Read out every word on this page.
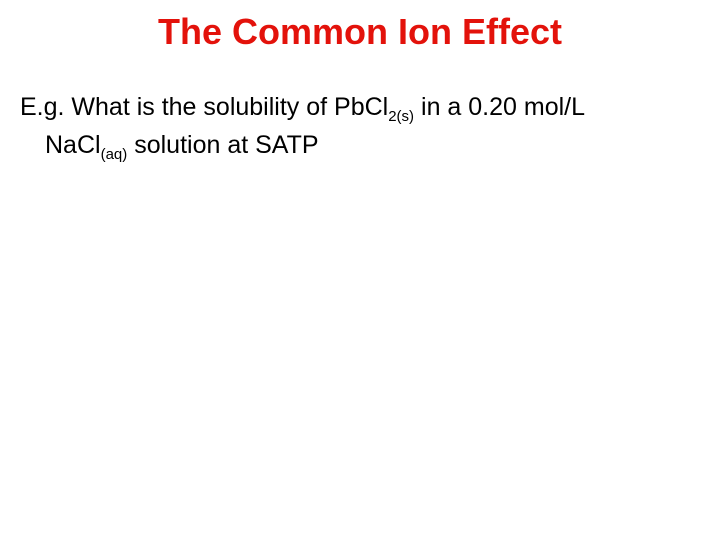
The Common Ion Effect
E.g. What is the solubility of PbCl$_{2(s)}$ in a 0.20 mol/L
NaCl$_{(aq)}$ solution at SATP
